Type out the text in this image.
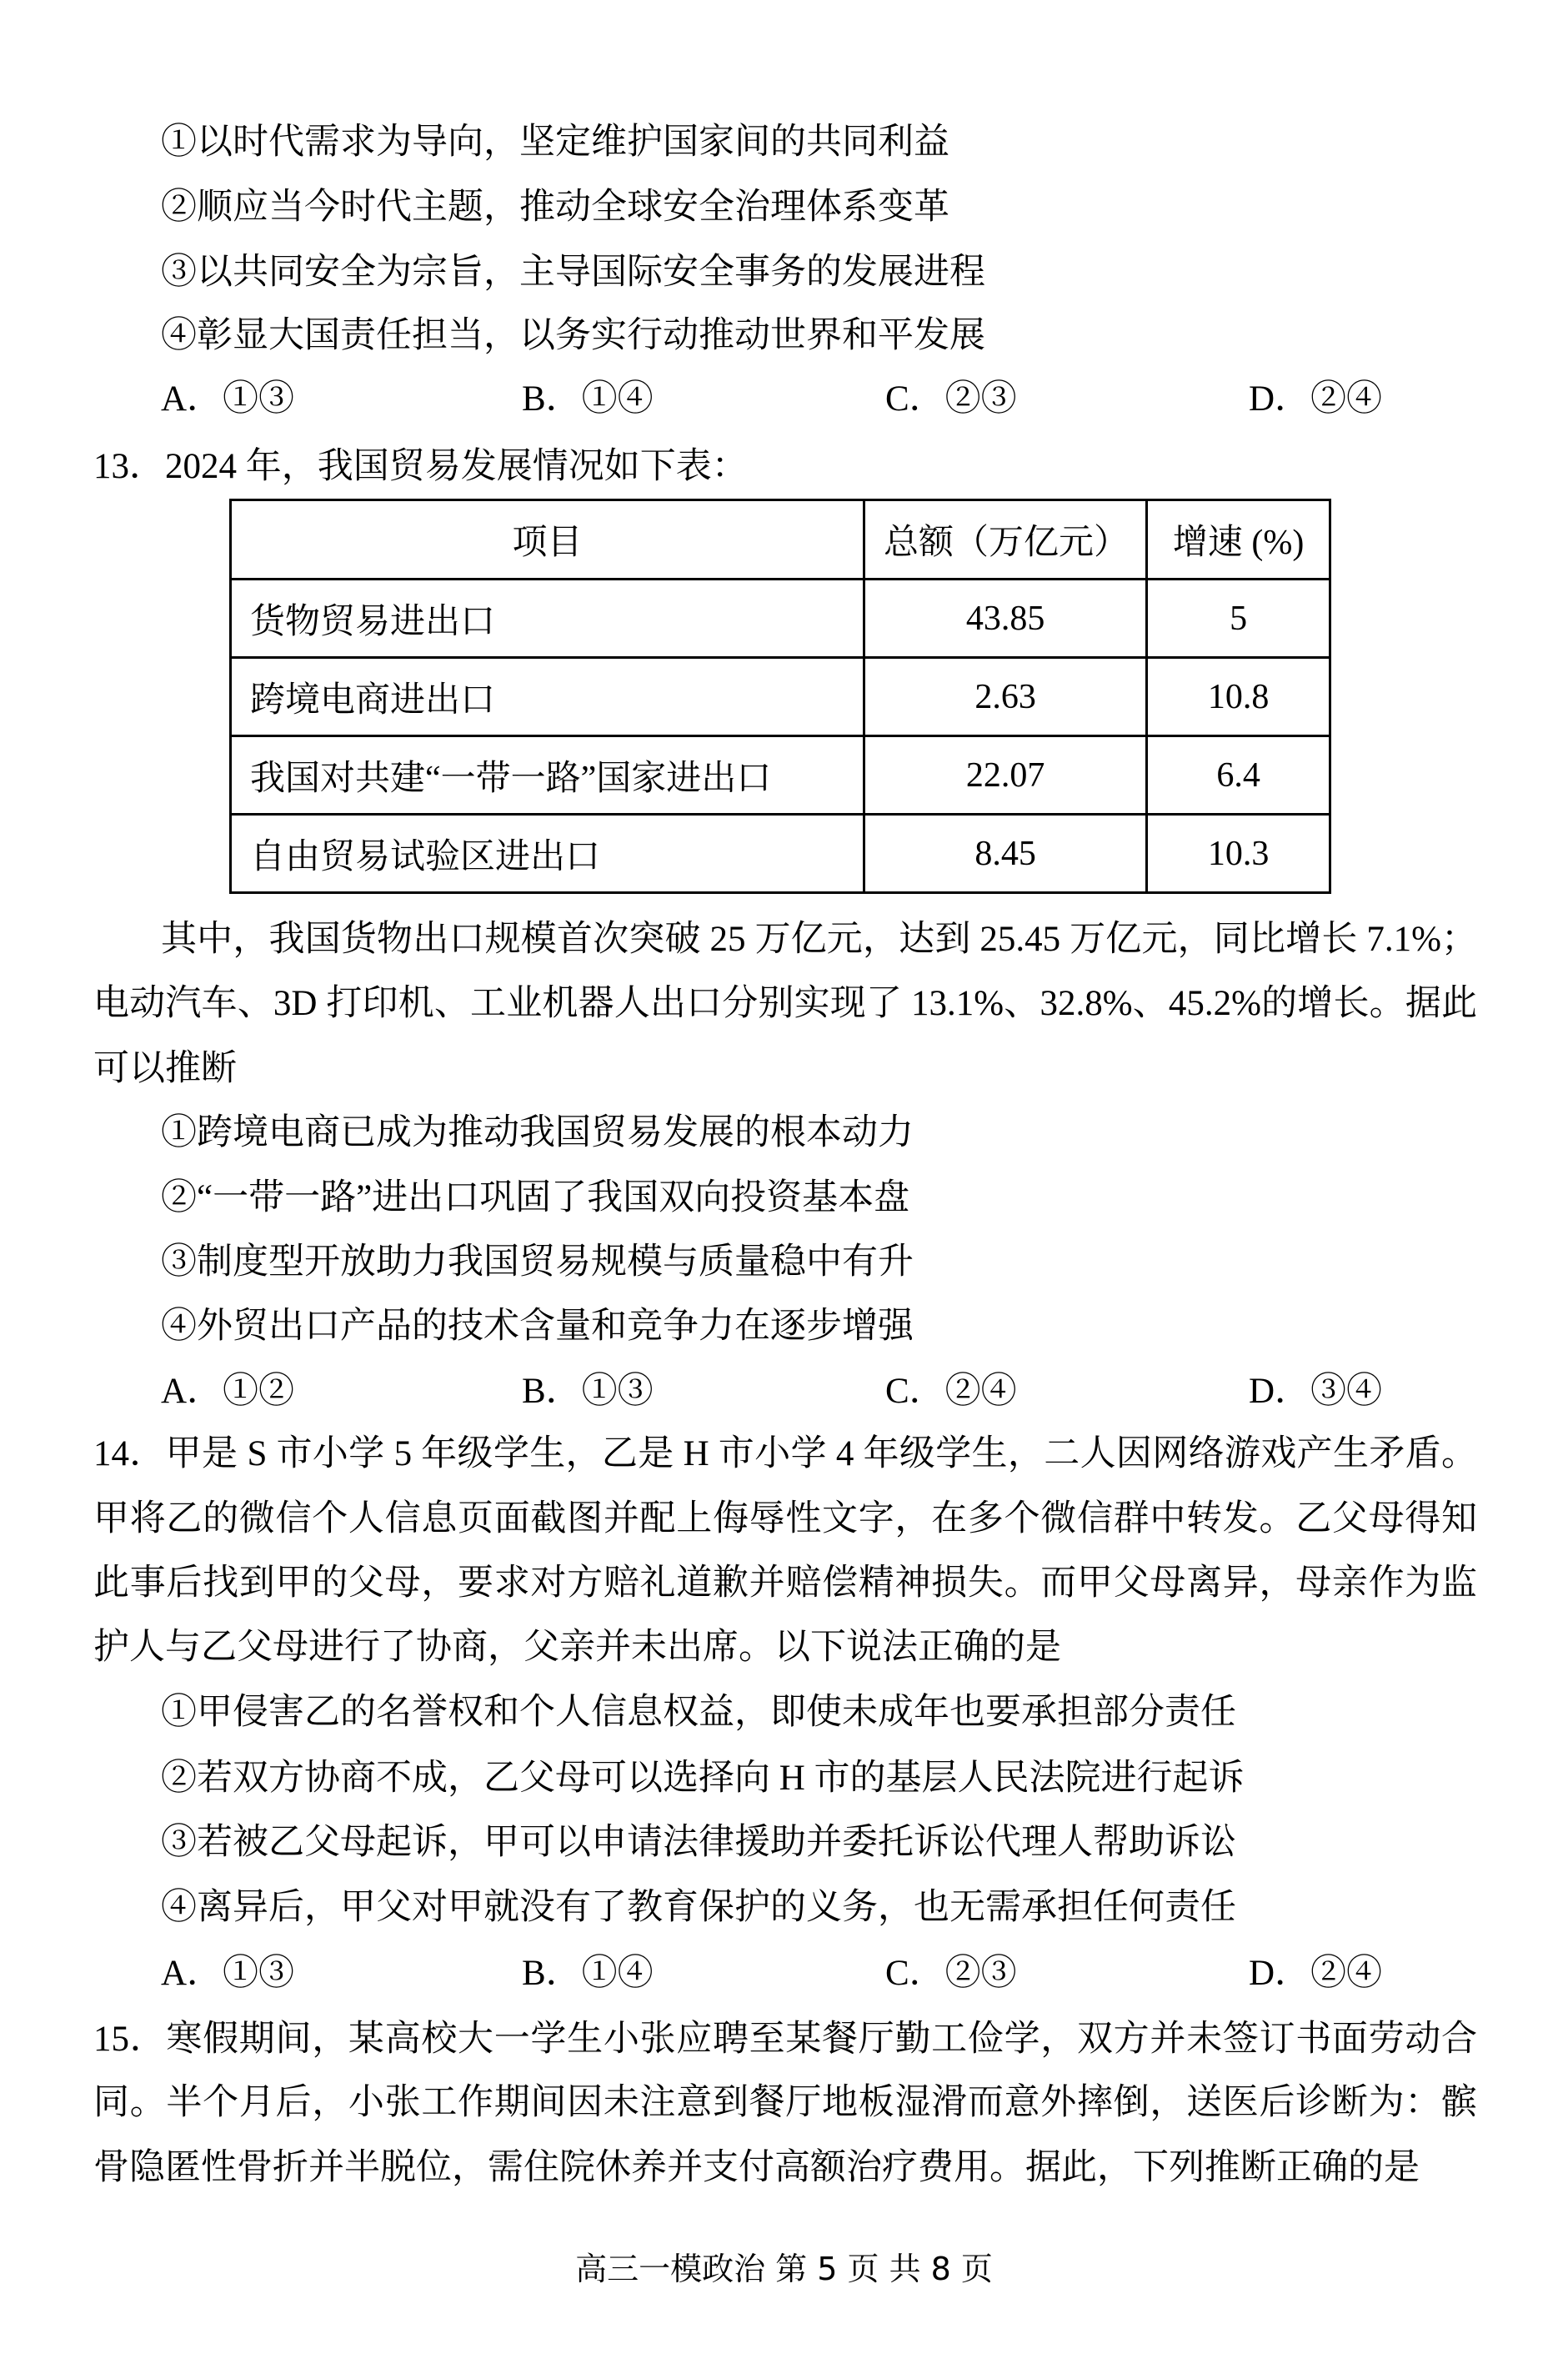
①以时代需求为导向，坚定维护国家间的共同利益
②顺应当今时代主题，推动全球安全治理体系变革
③以共同安全为宗旨，主导国际安全事务的发展进程
④彰显大国责任担当，以务实行动推动世界和平发展
A．①③	B．①④	C．②③	D．②④
13．2024 年，我国贸易发展情况如下表：
项目	总额（万亿元）	增速 (%)
货物贸易进出口	43.85	5
跨境电商进出口	2.63	10.8
我国对共建“一带一路”国家进出口	22.07	6.4
自由贸易试验区进出口	8.45	10.3
其中，我国货物出口规模首次突破 25 万亿元，达到 25.45 万亿元，同比增长 7.1%；
电动汽车、3D 打印机、工业机器人出口分别实现了 13.1%、32.8%、45.2%的增长。据此
可以推断
①跨境电商已成为推动我国贸易发展的根本动力
②“一带一路”进出口巩固了我国双向投资基本盘
③制度型开放助力我国贸易规模与质量稳中有升
④外贸出口产品的技术含量和竞争力在逐步增强
A．①②	B．①③	C．②④	D．③④
14．甲是 S 市小学 5 年级学生，乙是 H 市小学 4 年级学生，二人因网络游戏产生矛盾。
甲将乙的微信个人信息页面截图并配上侮辱性文字，在多个微信群中转发。乙父母得知
此事后找到甲的父母，要求对方赔礼道歉并赔偿精神损失。而甲父母离异，母亲作为监
护人与乙父母进行了协商，父亲并未出席。以下说法正确的是
①甲侵害乙的名誉权和个人信息权益，即使未成年也要承担部分责任
②若双方协商不成，乙父母可以选择向 H 市的基层人民法院进行起诉
③若被乙父母起诉，甲可以申请法律援助并委托诉讼代理人帮助诉讼
④离异后，甲父对甲就没有了教育保护的义务，也无需承担任何责任
A．①③	B．①④	C．②③	D．②④
15．寒假期间，某高校大一学生小张应聘至某餐厅勤工俭学，双方并未签订书面劳动合
同。半个月后，小张工作期间因未注意到餐厅地板湿滑而意外摔倒，送医后诊断为：髌
骨隐匿性骨折并半脱位，需住院休养并支付高额治疗费用。据此，下列推断正确的是
高三一模政治 第 5 页 共 8 页
